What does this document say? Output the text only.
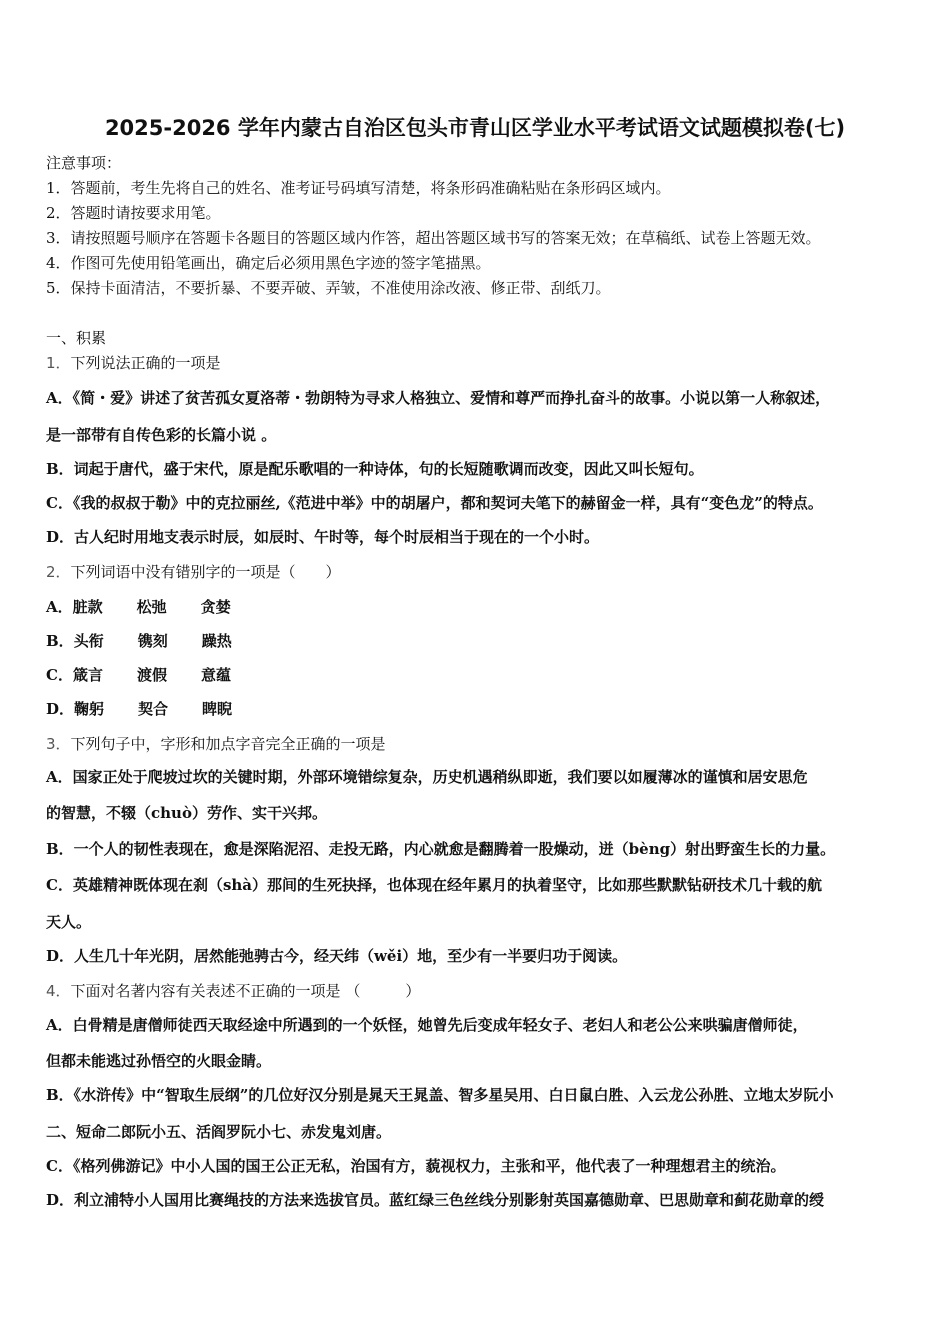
2025-2026 学年内蒙古自治区包头市青山区学业水平考试语文试题模拟卷(七)
注意事项：
1．答题前，考生先将自己的姓名、准考证号码填写清楚，将条形码准确粘贴在条形码区域内。
2．答题时请按要求用笔。
3．请按照题号顺序在答题卡各题目的答题区域内作答，超出答题区域书写的答案无效；在草稿纸、试卷上答题无效。
4．作图可先使用铅笔画出，确定后必须用黑色字迹的签字笔描黑。
5．保持卡面清洁，不要折暴、不要弄破、弄皱，不准使用涂改液、修正带、刮纸刀。
一、积累
1．下列说法正确的一项是
A．《简・爱》讲述了贫苦孤女夏洛蒂・勃朗特为寻求人格独立、爱情和尊严而挣扎奋斗的故事。小说以第一人称叙述，
是一部带有自传色彩的长篇小说 。
B．词起于唐代，盛于宋代，原是配乐歌唱的一种诗体，句的长短随歌调而改变，因此又叫长短句。
C．《我的叔叔于勒》中的克拉丽丝,《范进中举》中的胡屠户，都和契诃夫笔下的赫留金一样，具有“变色龙”的特点。
D．古人纪时用地支表示时辰，如辰时、午时等，每个时辰相当于现在的一个小时。
2．下列词语中没有错别字的一项是（　　）
A．脏款 松弛 贪婪
B．头衔 镌刻 躁热
C．箴言 渡假 意蕴
D．鞠躬 契合 睥睨
3．下列句子中，字形和加点字音完全正确的一项是
A．国家正处于爬坡过坎的关键时期，外部环境错综复杂，历史机遇稍纵即逝，我们要以如履薄冰的谨慎和居安思危
的智慧，不辍（chuò）劳作、实干兴邦。
B．一个人的韧性表现在，愈是深陷泥沼、走投无路，内心就愈是翻腾着一股燥动，迸（bèng）射出野蛮生长的力量。
C．英雄精神既体现在刹（shà）那间的生死抉择，也体现在经年累月的执着坚守，比如那些默默钻研技术几十载的航
天人。
D．人生几十年光阴，居然能弛骋古今，经天纬（wěi）地，至少有一半要归功于阅读。
4．下面对名著内容有关表述不正确的一项是 （　　　）
A．白骨精是唐僧师徒西天取经途中所遇到的一个妖怪，她曾先后变成年轻女子、老妇人和老公公来哄骗唐僧师徒，
但都未能逃过孙悟空的火眼金睛。
B．《水浒传》中“智取生辰纲”的几位好汉分别是晁天王晁盖、智多星吴用、白日鼠白胜、入云龙公孙胜、立地太岁阮小
二、短命二郎阮小五、活阎罗阮小七、赤发鬼刘唐。
C．《格列佛游记》中小人国的国王公正无私，治国有方，藐视权力，主张和平，他代表了一种理想君主的统治。
D．利立浦特小人国用比赛绳技的方法来选拔官员。蓝红绿三色丝线分别影射英国嘉德勋章、巴思勋章和蓟花勋章的绶
